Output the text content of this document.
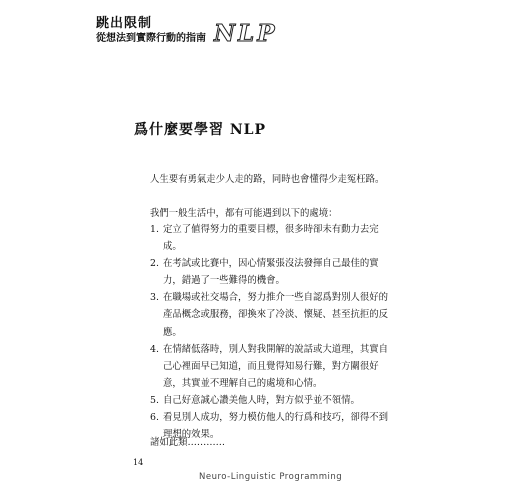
跳出限制
從想法到實際行動的指南 NLP
爲什麼要學習 NLP
人生要有勇氣走少人走的路，同時也會懂得少走冤枉路。
我們一般生活中，都有可能遇到以下的處境：
1. 定立了値得努力的重要目標，很多時卻未有動力去完成。
2. 在考試或比賽中，因心情緊張沒法發揮自己最佳的實力，錯過了一些難得的機會。
3. 在職場或社交場合，努力推介一些自認爲對別人很好的產品概念或服務，卻換來了冷淡、懷疑、甚至抗拒的反應。
4. 在情緒低落時，別人對我開解的說話或大道理，其實自己心裡面早已知道，而且覺得知易行難，對方關很好意，其實並不理解自己的處境和心情。
5. 自己好意誠心讚美他人時，對方似乎並不領情。
6. 看見別人成功，努力模仿他人的行爲和技巧，卻得不到理想的效果。
諸如此類…………
14
Neuro-Linguistic Programming
